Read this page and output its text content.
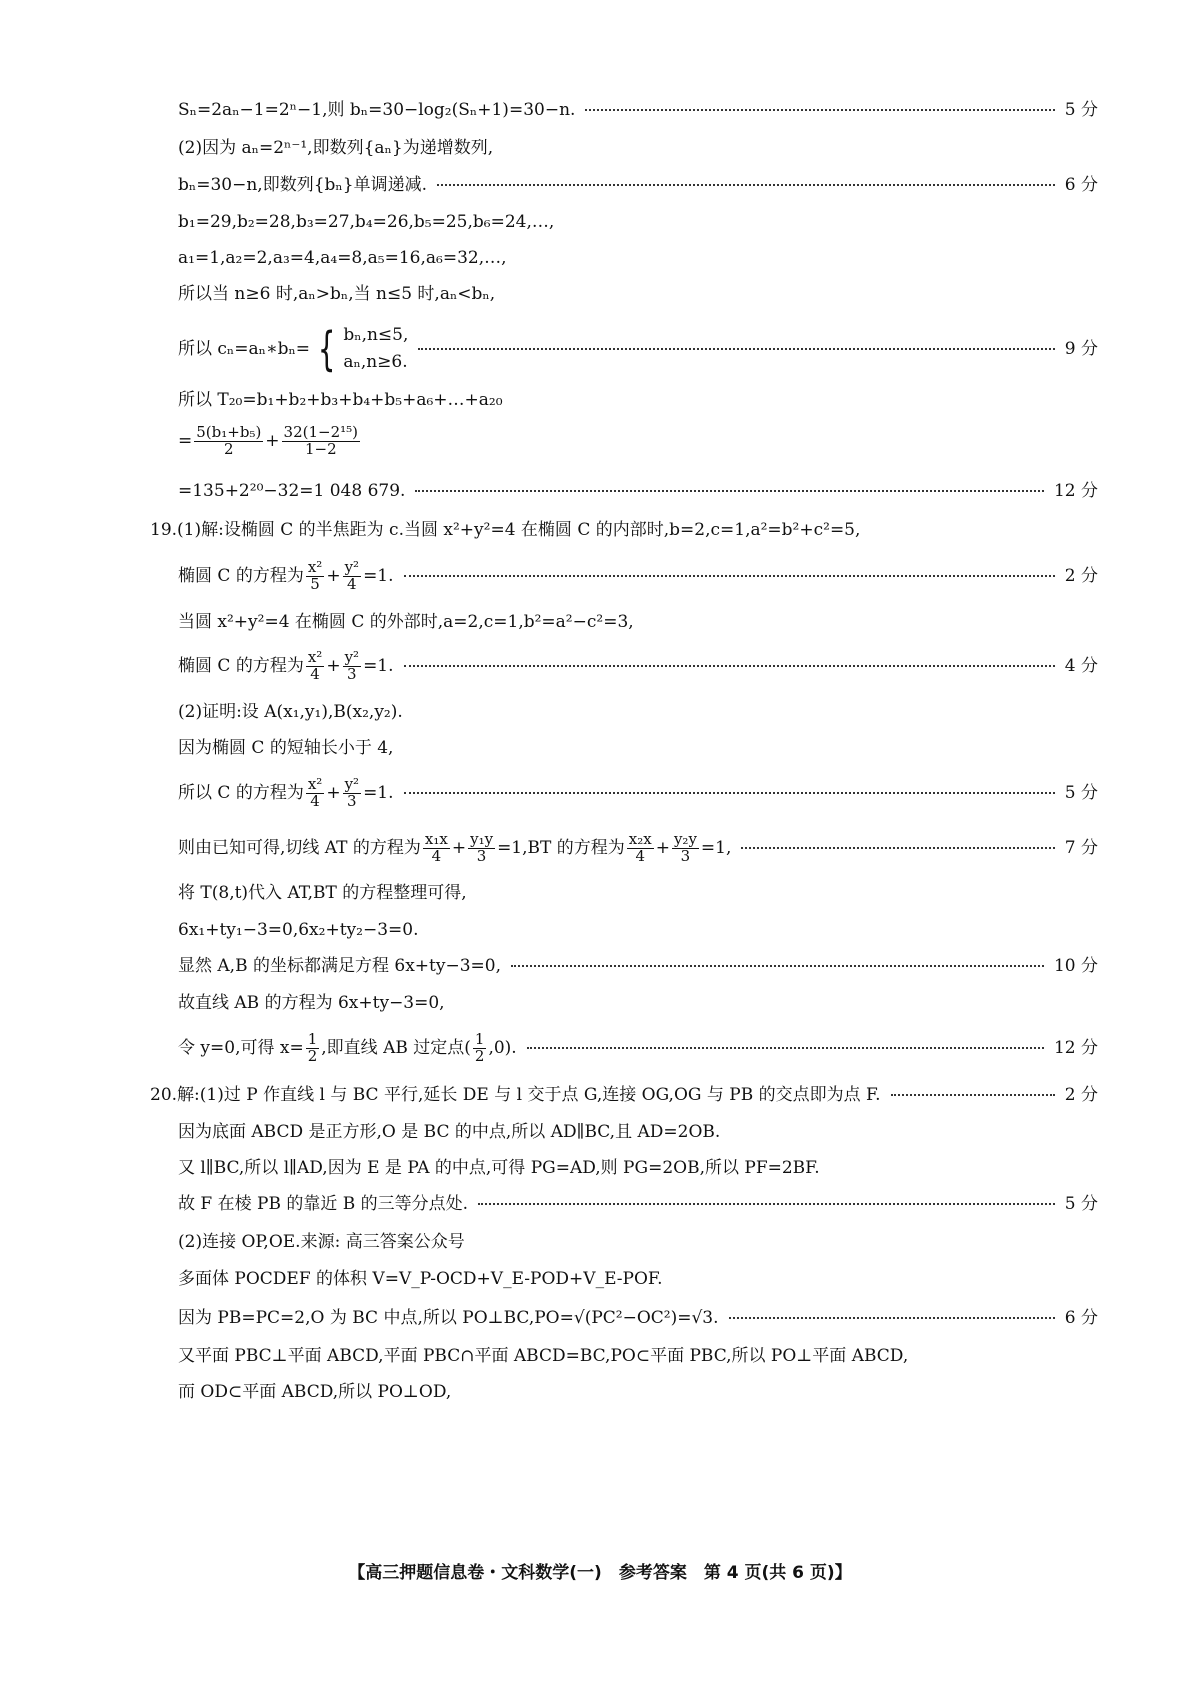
Sₙ=2aₙ−1=2ⁿ−1,则 bₙ=30−log₂(Sₙ+1)=30−n.	5 分
(2)因为 aₙ=2ⁿ⁻¹,即数列{aₙ}为递增数列,
bₙ=30−n,即数列{bₙ}单调递减.	6 分
b₁=29,b₂=28,b₃=27,b₄=26,b₅=25,b₆=24,…,
a₁=1,a₂=2,a₃=4,a₄=8,a₅=16,a₆=32,…,
所以当 n≥6 时,aₙ>bₙ,当 n≤5 时,aₙ<bₙ,
所以 cₙ=aₙ∗bₙ= { bₙ,n≤5,
aₙ,n≥6.
9 分
所以 T₂₀=b₁+b₂+b₃+b₄+b₅+a₆+…+a₂₀
= $\frac{\text{5(b₁+b₅)}}{2} + \frac{\text{32(1−2¹⁵)}}{1-2}$
=135+2²⁰−32=1 048 679.	12 分
19.(1)解:设椭圆 C 的半焦距为 c.当圆 x²+y²=4 在椭圆 C 的内部时,b=2,c=1,a²=b²+c²=5,
椭圆 C 的方程为 $\frac{\text{x²}}{5} + \frac{\text{y²}}{4} =1$.	2 分
当圆 x²+y²=4 在椭圆 C 的外部时,a=2,c=1,b²=a²−c²=3,
椭圆 C 的方程为 $\frac{\text{x²}}{4} + \frac{\text{y²}}{3} =1$.	4 分
(2)证明:设 A(x₁,y₁),B(x₂,y₂).
因为椭圆 C 的短轴长小于 4,
所以 C 的方程为 $\frac{\text{x²}}{4} + \frac{\text{y²}}{3} =1$.	5 分
则由已知可得,切线 AT 的方程为 $\frac{\text{x₁x}}{4} + \frac{\text{y₁y}}{3} =1,BT$ 的方程为 $\frac{\text{x₂x}}{4} + \frac{\text{y₂y}}{3} =1$,	7 分
将 T(8,t)代入 AT,BT 的方程整理可得,
6x₁+ty₁−3=0,6x₂+ty₂−3=0.
显然 A,B 的坐标都满足方程 6x+ty−3=0,	10 分
故直线 AB 的方程为 6x+ty−3=0,
令 y=0,可得 $x= \frac{1}{2}$ ,即直线 AB 过定点( $\frac{1}{2} ,0$).	12 分
20.解:(1)过 P 作直线 l 与 BC 平行,延长 DE 与 l 交于点 G,连接 OG,OG 与 PB 的交点即为点 F.	2 分
因为底面 ABCD 是正方形,O 是 BC 的中点,所以 AD∥BC,且 AD=2OB.
又 l∥BC,所以 l∥AD,因为 E 是 PA 的中点,可得 PG=AD,则 PG=2OB,所以 PF=2BF.
故 F 在棱 PB 的靠近 B 的三等分点处.	5 分
(2)连接 OP,OE.来源: 高三答案公众号
多面体 POCDEF 的体积 V=V_P-OCD+V_E-POD+V_E-POF.
因为 PB=PC=2,O 为 BC 中点,所以 PO⊥BC,PO=√(PC²−OC²)=√3.	6 分
又平面 PBC⊥平面 ABCD,平面 PBC∩平面 ABCD=BC,PO⊂平面 PBC,所以 PO⊥平面 ABCD,
而 OD⊂平面 ABCD,所以 PO⊥OD,
【高三押题信息卷・文科数学(一)　参考答案　第 4 页(共 6 页)】
